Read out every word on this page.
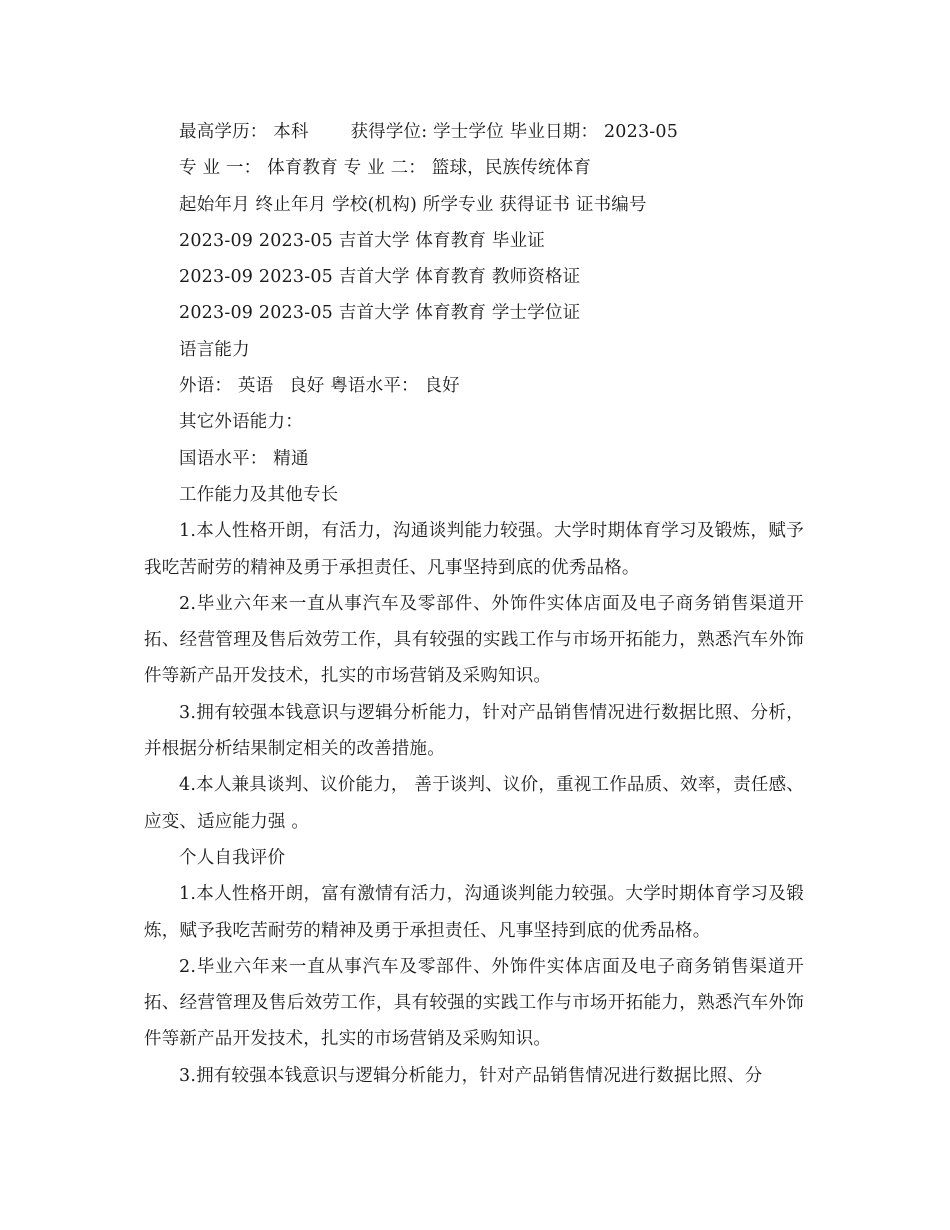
最高学历： 本科 获得学位: 学士学位 毕业日期： 2023-05

专 业 一： 体育教育 专 业 二： 篮球，民族传统体育

起始年月 终止年月 学校(机构) 所学专业 获得证书 证书编号

2023-09 2023-05 吉首大学 体育教育 毕业证

2023-09 2023-05 吉首大学 体育教育 教师资格证

2023-09 2023-05 吉首大学 体育教育 学士学位证

语言能力

外语： 英语 良好 粤语水平： 良好

其它外语能力：

国语水平： 精通

工作能力及其他专长

1.本人性格开朗，有活力，沟通谈判能力较强。大学时期体育学习及锻炼，赋予我吃苦耐劳的精神及勇于承担责任、凡事坚持到底的优秀品格。

2.毕业六年来一直从事汽车及零部件、外饰件实体店面及电子商务销售渠道开拓、经营管理及售后效劳工作，具有较强的实践工作与市场开拓能力，熟悉汽车外饰件等新产品开发技术，扎实的市场营销及采购知识。

3.拥有较强本钱意识与逻辑分析能力，针对产品销售情况进行数据比照、分析，并根据分析结果制定相关的改善措施。

4.本人兼具谈判、议价能力， 善于谈判、议价，重视工作品质、效率，责任感、应变、适应能力强 。

个人自我评价

1.本人性格开朗，富有激情有活力，沟通谈判能力较强。大学时期体育学习及锻炼，赋予我吃苦耐劳的精神及勇于承担责任、凡事坚持到底的优秀品格。

2.毕业六年来一直从事汽车及零部件、外饰件实体店面及电子商务销售渠道开拓、经营管理及售后效劳工作，具有较强的实践工作与市场开拓能力，熟悉汽车外饰件等新产品开发技术，扎实的市场营销及采购知识。

3.拥有较强本钱意识与逻辑分析能力，针对产品销售情况进行数据比照、分
